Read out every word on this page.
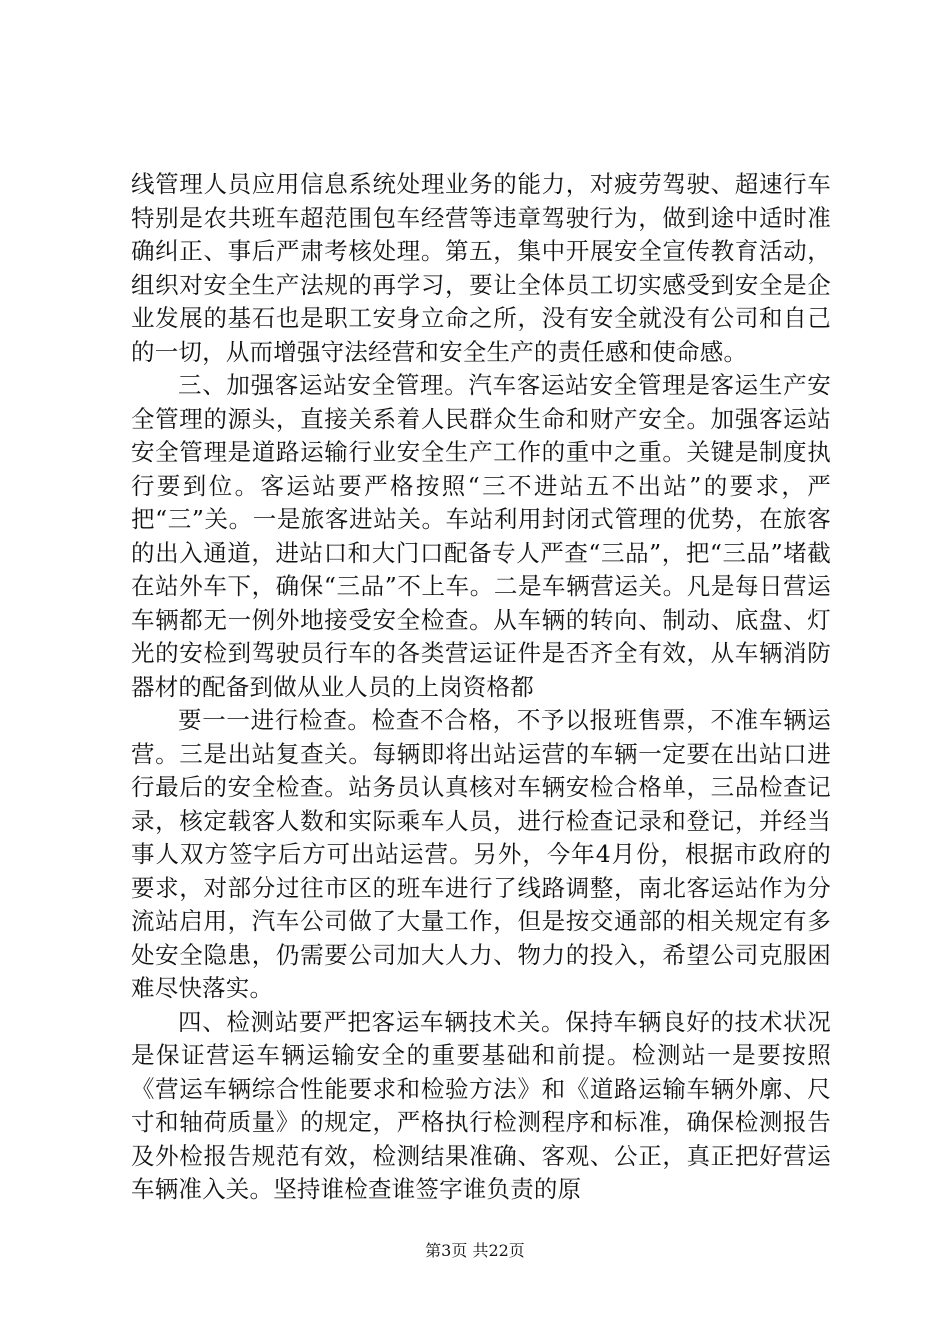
线管理人员应用信息系统处理业务的能力，对疲劳驾驶、超速行车特别是农共班车超范围包车经营等违章驾驶行为，做到途中适时准确纠正、事后严肃考核处理。第五，集中开展安全宣传教育活动，组织对安全生产法规的再学习，要让全体员工切实感受到安全是企业发展的基石也是职工安身立命之所，没有安全就没有公司和自己的一切，从而增强守法经营和安全生产的责任感和使命感。

三、加强客运站安全管理。汽车客运站安全管理是客运生产安全管理的源头，直接关系着人民群众生命和财产安全。加强客运站安全管理是道路运输行业安全生产工作的重中之重。关键是制度执行要到位。客运站要严格按照“三不进站五不出站”的要求，严把“三”关。一是旅客进站关。车站利用封闭式管理的优势，在旅客的出入通道，进站口和大门口配备专人严查“三品”，把“三品”堵截在站外车下，确保“三品”不上车。二是车辆营运关。凡是每日营运车辆都无一例外地接受安全检查。从车辆的转向、制动、底盘、灯光的安检到驾驶员行车的各类营运证件是否齐全有效，从车辆消防器材的配备到做从业人员的上岗资格都

要一一进行检查。检查不合格，不予以报班售票，不准车辆运营。三是出站复查关。每辆即将出站运营的车辆一定要在出站口进行最后的安全检查。站务员认真核对车辆安检合格单，三品检查记录，核定载客人数和实际乘车人员，进行检查记录和登记，并经当事人双方签字后方可出站运营。另外，今年4月份，根据市政府的要求，对部分过往市区的班车进行了线路调整，南北客运站作为分流站启用，汽车公司做了大量工作，但是按交通部的相关规定有多处安全隐患，仍需要公司加大人力、物力的投入，希望公司克服困难尽快落实。

四、检测站要严把客运车辆技术关。保持车辆良好的技术状况是保证营运车辆运输安全的重要基础和前提。检测站一是要按照《营运车辆综合性能要求和检验方法》和《道路运输车辆外廓、尺寸和轴荷质量》的规定，严格执行检测程序和标准，确保检测报告及外检报告规范有效，检测结果准确、客观、公正，真正把好营运车辆准入关。坚持谁检查谁签字谁负责的原

第3页 共22页
